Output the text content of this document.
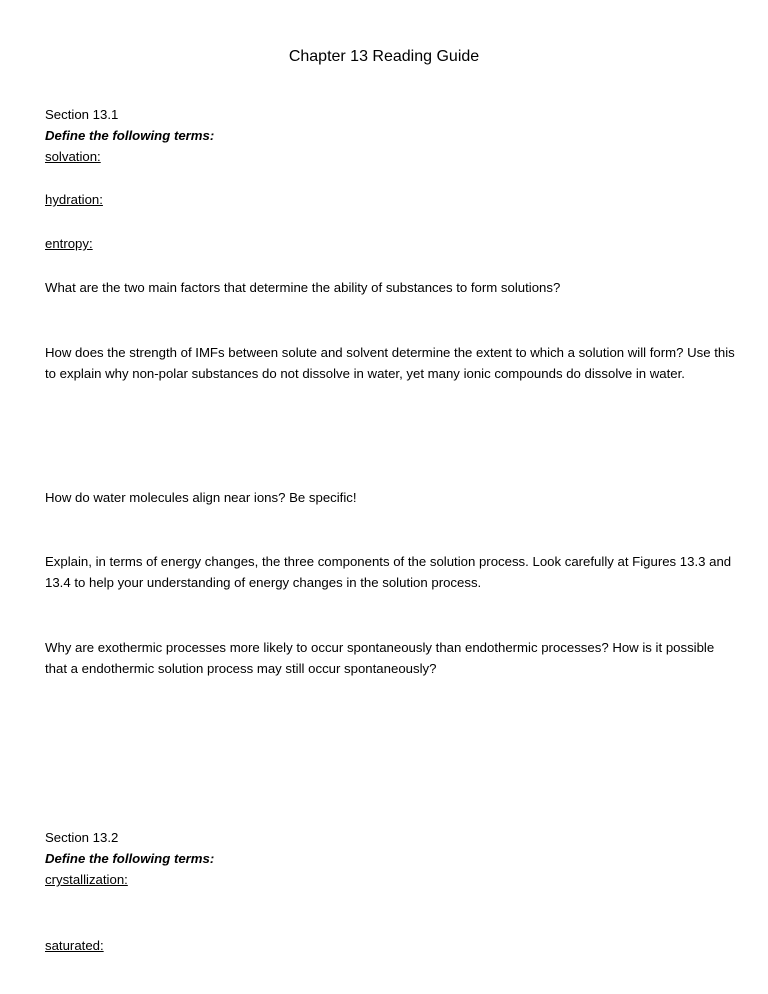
Chapter 13 Reading Guide

Section 13.1

Define the following terms:

solvation:

hydration:

entropy:

What are the two main factors that determine the ability of substances to form solutions?

How does the strength of IMFs between solute and solvent determine the extent to which a solution will form? Use this to explain why non-polar substances do not dissolve in water, yet many ionic compounds do dissolve in water.

How do water molecules align near ions? Be specific!

Explain, in terms of energy changes, the three components of the solution process. Look carefully at Figures 13.3 and 13.4 to help your understanding of energy changes in the solution process.

Why are exothermic processes more likely to occur spontaneously than endothermic processes? How is it possible that a endothermic solution process may still occur spontaneously?

Section 13.2

Define the following terms:

crystallization:

saturated:
